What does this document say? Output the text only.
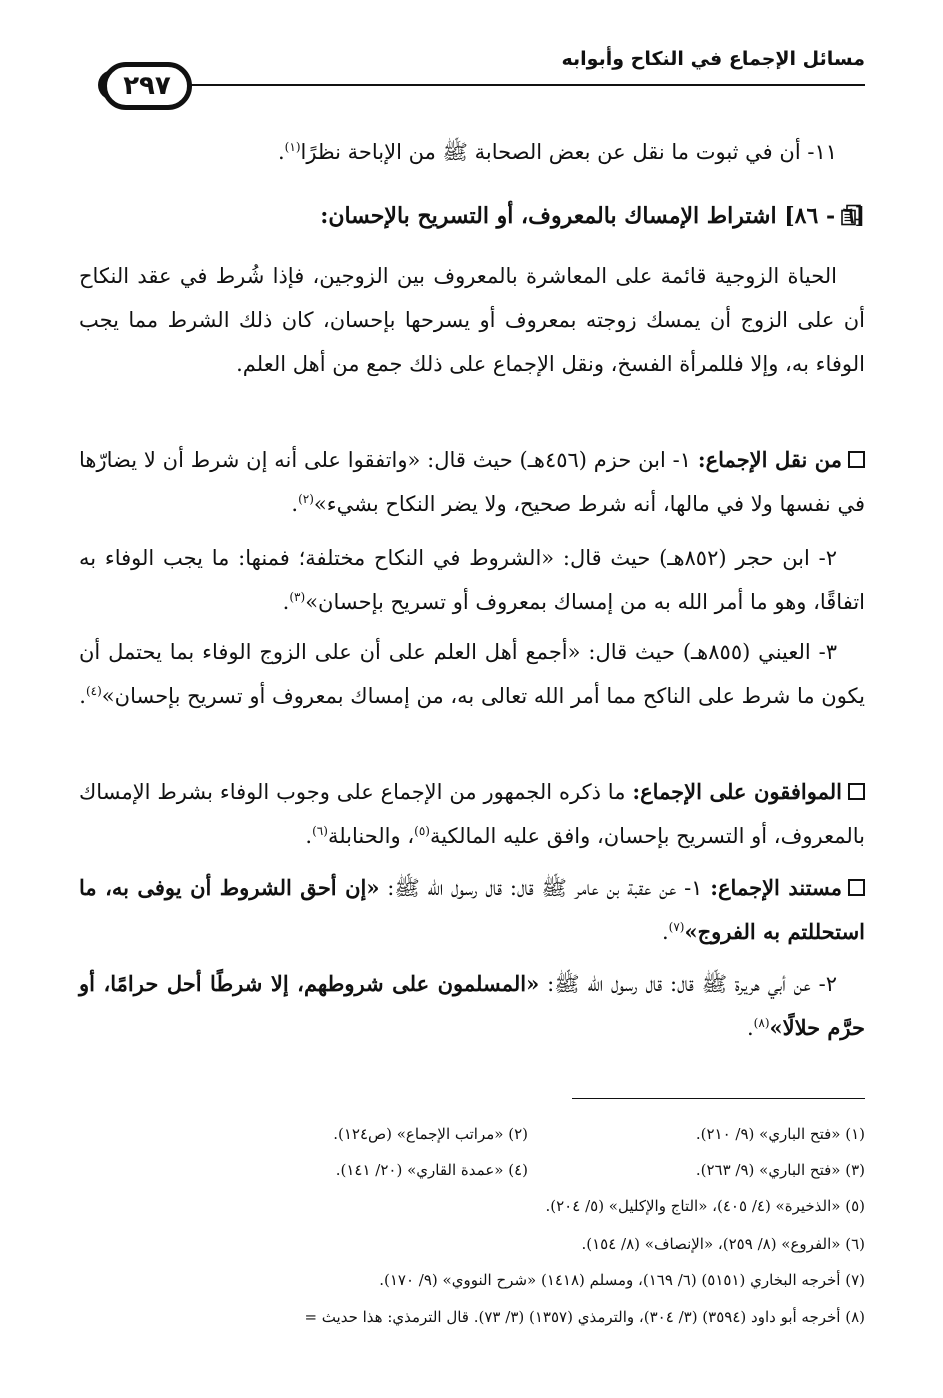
مسائل الإجماع في النكاح وأبوابه
٢٩٧

١١- أن في ثبوت ما نقل عن بعض الصحابة ﷺ من الإباحة نظرًا$^{(١)}$.

[٦ - ٨٦] اشتراط الإمساك بالمعروف، أو التسريح بالإحسان:

الحياة الزوجية قائمة على المعاشرة بالمعروف بين الزوجين، فإذا شُرط في عقد النكاح أن على الزوج أن يمسك زوجته بمعروف أو يسرحها بإحسان، كان ذلك الشرط مما يجب الوفاء به، وإلا فللمرأة الفسخ، ونقل الإجماع على ذلك جمع من أهل العلم.

من نقل الإجماع: ١- ابن حزم (٤٥٦هـ) حيث قال: «واتفقوا على أنه إن شرط أن لا يضارّها في نفسها ولا في مالها، أنه شرط صحيح، ولا يضر النكاح بشيء»$^{(٢)}$.

٢- ابن حجر (٨٥٢هـ) حيث قال: «الشروط في النكاح مختلفة؛ فمنها: ما يجب الوفاء به اتفاقًا، وهو ما أمر الله به من إمساك بمعروف أو تسريح بإحسان»$^{(٣)}$.

٣- العيني (٨٥٥هـ) حيث قال: «أجمع أهل العلم على أن على الزوج الوفاء بما يحتمل أن يكون ما شرط على الناكح مما أمر الله تعالى به، من إمساك بمعروف أو تسريح بإحسان»$^{(٤)}$.

الموافقون على الإجماع: ما ذكره الجمهور من الإجماع على وجوب الوفاء بشرط الإمساك بالمعروف، أو التسريح بإحسان، وافق عليه المالكية$^{(٥)}$، والحنابلة$^{(٦)}$.

مستند الإجماع: ١- عن عقبة بن عامر ﷺ قال: قال رسول الله ﷺ: «إن أحق الشروط أن يوفى به، ما استحللتم به الفروج»$^{(٧)}$.

٢- عن أبي هريرة ﷺ قال: قال رسول الله ﷺ: «المسلمون على شروطهم، إلا شرطًا أحل حرامًا، أو حرَّم حلالًا»$^{(٨)}$.

(١) «فتح الباري» (٩/ ٢١٠).

(٢) «مراتب الإجماع» (ص١٢٤).

(٣) «فتح الباري» (٩/ ٢٦٣).

(٤) «عمدة القاري» (٢٠/ ١٤١).

(٥) «الذخيرة» (٤/ ٤٠٥)، «التاج والإكليل» (٥/ ٢٠٤).

(٦) «الفروع» (٨/ ٢٥٩)، «الإنصاف» (٨/ ١٥٤).

(٧) أخرجه البخاري (٥١٥١) (٦/ ١٦٩)، ومسلم (١٤١٨) «شرح النووي» (٩/ ١٧٠).

(٨) أخرجه أبو داود (٣٥٩٤) (٣/ ٣٠٤)، والترمذي (١٣٥٧) (٣/ ٧٣). قال الترمذي: هذا حديث =
